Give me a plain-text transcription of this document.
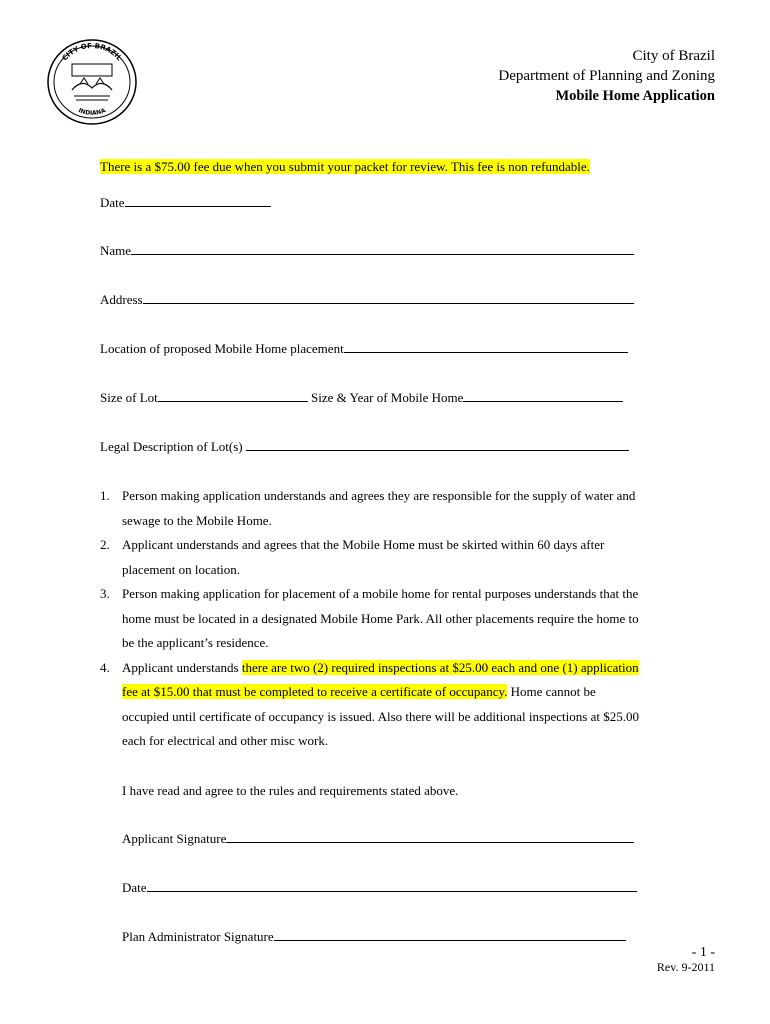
CITY OF BRAZIL
INDIANA
City of Brazil
Department of Planning and Zoning
Mobile Home Application

There is a $75.00 fee due when you submit your packet for review. This fee is non refundable.

Date

Name

Address

Location of proposed Mobile Home placement

Size of Lot	Size & Year of Mobile Home

Legal Description of Lot(s)

Person making application understands and agrees they are responsible for the supply of water and sewage to the Mobile Home.
Applicant understands and agrees that the Mobile Home must be skirted within 60 days after placement on location.
Person making application for placement of a mobile home for rental purposes understands that the home must be located in a designated Mobile Home Park. All other placements require the home to be the applicant’s residence.
Applicant understands there are two (2) required inspections at $25.00 each and one (1) application fee at $15.00 that must be completed to receive a certificate of occupancy. Home cannot be occupied until certificate of occupancy is issued. Also there will be additional inspections at $25.00 each for electrical and other misc work.

I have read and agree to the rules and requirements stated above.

Applicant Signature

Date

Plan Administrator Signature

- 1 -
Rev. 9-2011
